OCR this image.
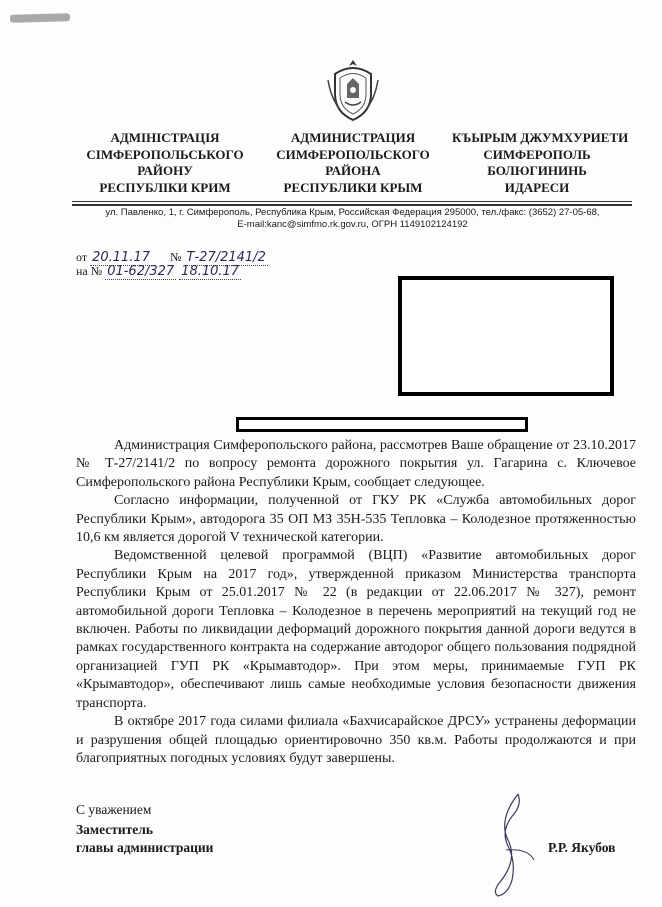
АДМІНІСТРАЦІЯ
СІМФЕРОПОЛЬСЬКОГО
РАЙОНУ
РЕСПУБЛІКИ КРИМ
АДМИНИСТРАЦИЯ
СИМФЕРОПОЛЬСКОГО
РАЙОНА
РЕСПУБЛИКИ КРЫМ
КЪЫРЫМ ДЖУМХУРИЕТИ
СИМФЕРОПОЛЬ
БОЛЮГИНИНЬ
ИДАРЕСИ
ул. Павленко, 1, г. Симферополь, Республика Крым, Российская Федерация 295000, тел./факс: (3652) 27-05-68,
E-mail:kanc@simfmo.rk.gov.ru, ОГРН 1149102124192
от 20.11.17 № Т-27/2141/2
на № 01-62/327 18.10.17

Администрация Симферопольского района, рассмотрев Ваше обращение от 23.10.2017 № Т-27/2141/2 по вопросу ремонта дорожного покрытия ул. Гагарина с. Ключевое Симферопольского района Республики Крым, сообщает следующее.

Согласно информации, полученной от ГКУ РК «Служба автомобильных дорог Республики Крым», автодорога 35 ОП МЗ 35Н-535 Тепловка – Колодезное протяженностью 10,6 км является дорогой V технической категории.

Ведомственной целевой программой (ВЦП) «Развитие автомобильных дорог Республики Крым на 2017 год», утвержденной приказом Министерства транспорта Республики Крым от 25.01.2017 № 22 (в редакции от 22.06.2017 № 327), ремонт автомобильной дороги Тепловка – Колодезное в перечень мероприятий на текущий год не включен. Работы по ликвидации деформаций дорожного покрытия данной дороги ведутся в рамках государственного контракта на содержание автодорог общего пользования подрядной организацией ГУП РК «Крымавтодор». При этом меры, принимаемые ГУП РК «Крымавтодор», обеспечивают лишь самые необходимые условия безопасности движения транспорта.

В октябре 2017 года силами филиала «Бахчисарайское ДРСУ» устранены деформации и разрушения общей площадью ориентировочно 350 кв.м. Работы продолжаются и при благоприятных погодных условиях будут завершены.

С уважением
Заместитель
главы администрации	Р.Р. Якубов
